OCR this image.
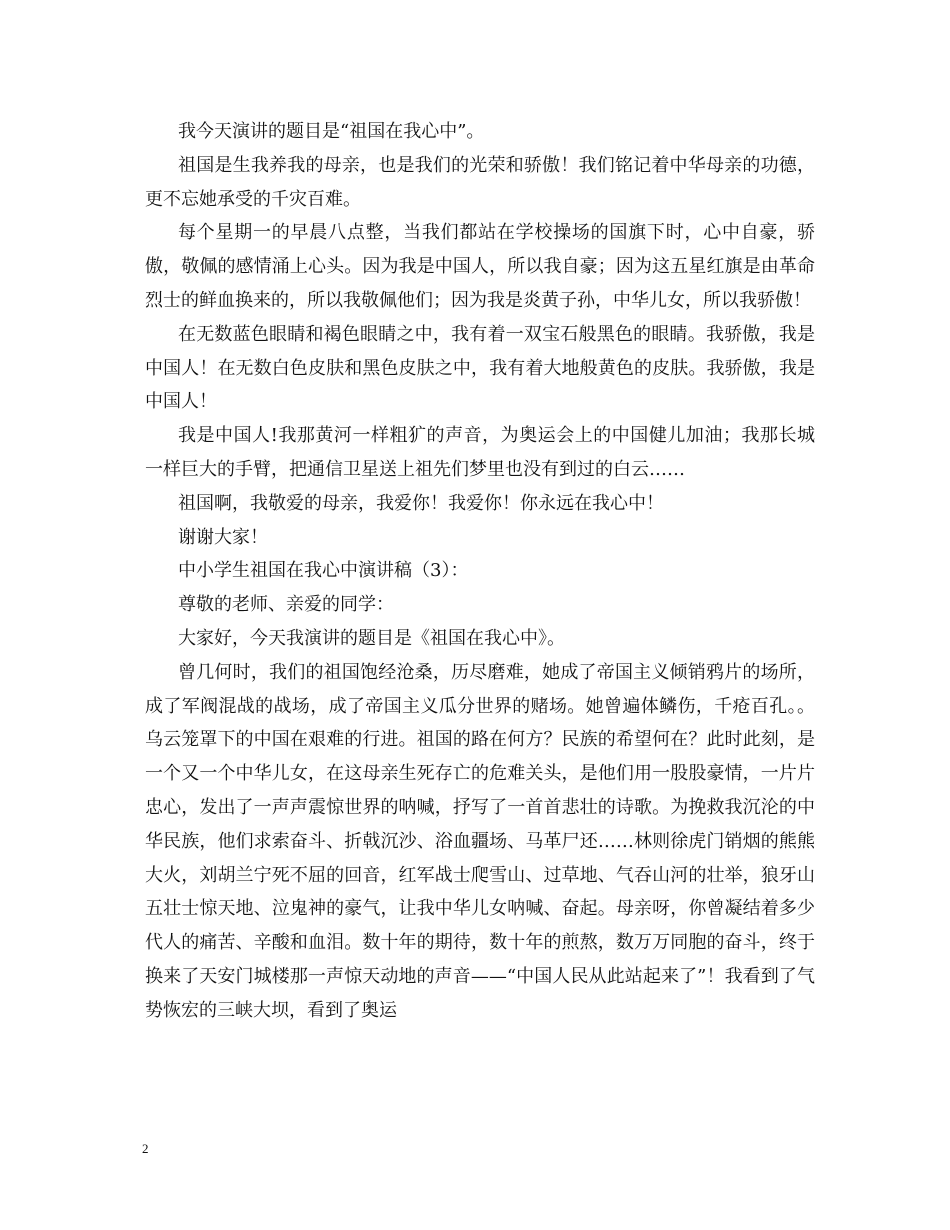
我今天演讲的题目是“祖国在我心中”。

祖国是生我养我的母亲，也是我们的光荣和骄傲！我们铭记着中华母亲的功德，更不忘她承受的千灾百难。

每个星期一的早晨八点整，当我们都站在学校操场的国旗下时，心中自豪，骄傲，敬佩的感情涌上心头。因为我是中国人，所以我自豪；因为这五星红旗是由革命烈士的鲜血换来的，所以我敬佩他们；因为我是炎黄子孙，中华儿女，所以我骄傲！

在无数蓝色眼睛和褐色眼睛之中，我有着一双宝石般黑色的眼睛。我骄傲，我是中国人！在无数白色皮肤和黑色皮肤之中，我有着大地般黄色的皮肤。我骄傲，我是中国人！

我是中国人!我那黄河一样粗犷的声音，为奥运会上的中国健儿加油；我那长城一样巨大的手臂，把通信卫星送上祖先们梦里也没有到过的白云……

祖国啊，我敬爱的母亲，我爱你！我爱你！你永远在我心中！

谢谢大家！

中小学生祖国在我心中演讲稿（3）：

尊敬的老师、亲爱的同学：

大家好，今天我演讲的题目是《祖国在我心中》。

曾几何时，我们的祖国饱经沧桑，历尽磨难，她成了帝国主义倾销鸦片的场所，成了军阀混战的战场，成了帝国主义瓜分世界的赌场。她曾遍体鳞伤，千疮百孔。。乌云笼罩下的中国在艰难的行进。祖国的路在何方？民族的希望何在？此时此刻，是一个又一个中华儿女，在这母亲生死存亡的危难关头，是他们用一股股豪情，一片片忠心，发出了一声声震惊世界的呐喊，抒写了一首首悲壮的诗歌。为挽救我沉沦的中华民族，他们求索奋斗、折戟沉沙、浴血疆场、马革尸还……林则徐虎门销烟的熊熊大火，刘胡兰宁死不屈的回音，红军战士爬雪山、过草地、气吞山河的壮举，狼牙山五壮士惊天地、泣鬼神的豪气，让我中华儿女呐喊、奋起。母亲呀，你曾凝结着多少代人的痛苦、辛酸和血泪。数十年的期待，数十年的煎熬，数万万同胞的奋斗，终于换来了天安门城楼那一声惊天动地的声音——“中国人民从此站起来了”！我看到了气势恢宏的三峡大坝，看到了奥运

2
